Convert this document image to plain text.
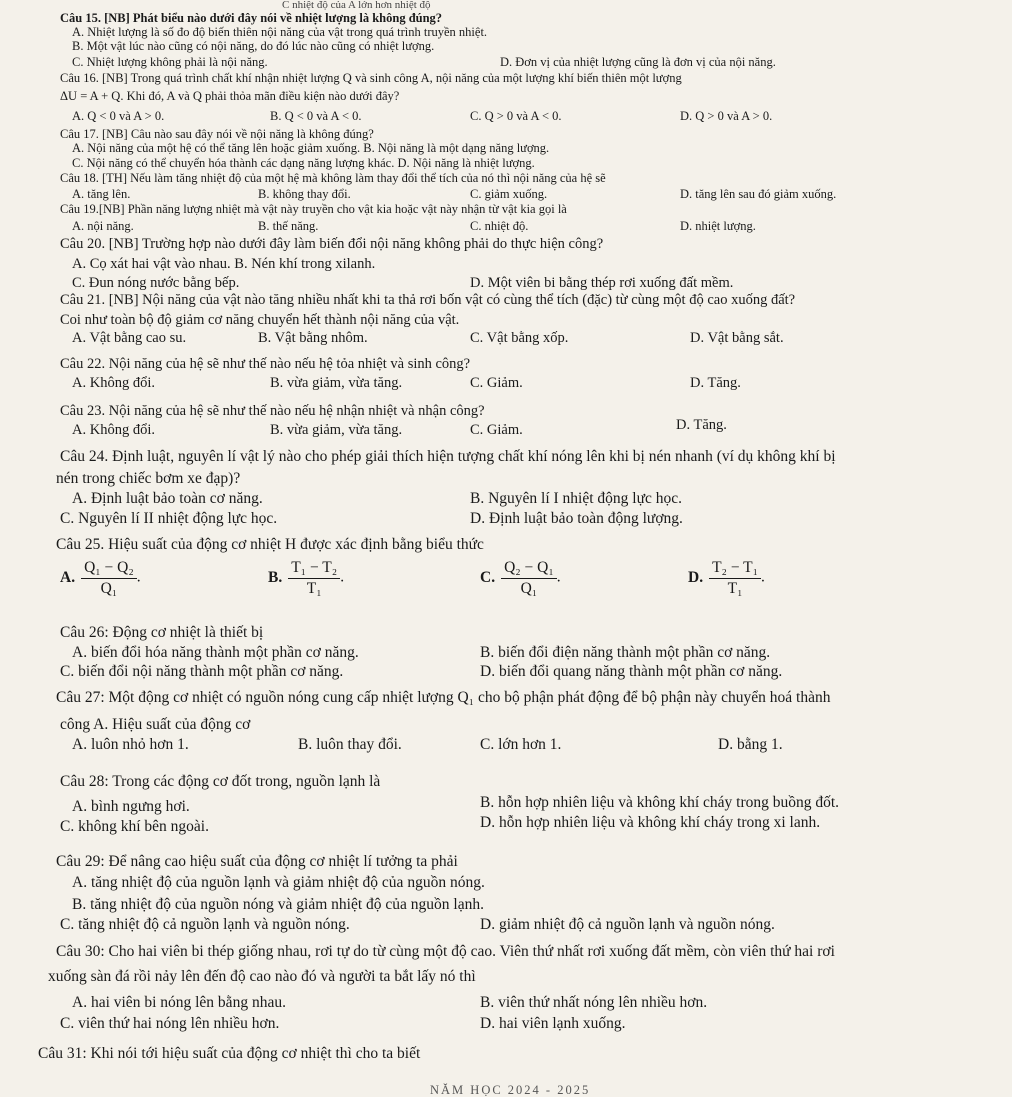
C nhiệt độ của A lớn hơn nhiệt độ
Câu 15. [NB] Phát biểu nào dưới đây nói về nhiệt lượng là không đúng?
A. Nhiệt lượng là số đo độ biến thiên nội năng của vật trong quá trình truyền nhiệt.
B. Một vật lúc nào cũng có nội năng, do đó lúc nào cũng có nhiệt lượng.
C. Nhiệt lượng không phải là nội năng.	D. Đơn vị của nhiệt lượng cũng là đơn vị của nội năng.
Câu 16. [NB] Trong quá trình chất khí nhận nhiệt lượng Q và sinh công A, nội năng của một lượng khí biến thiên một lượng
ΔU = A + Q. Khi đó, A và Q phải thỏa mãn điều kiện nào dưới đây?
A. Q < 0 và A > 0.	B. Q < 0 và A < 0.	C. Q > 0 và A < 0.	D. Q > 0 và A > 0.
Câu 17. [NB] Câu nào sau đây nói về nội năng là không đúng?
A. Nội năng của một hệ có thể tăng lên hoặc giảm xuống. B. Nội năng là một dạng năng lượng.
C. Nội năng có thể chuyển hóa thành các dạng năng lượng khác. D. Nội năng là nhiệt lượng.
Câu 18. [TH] Nếu làm tăng nhiệt độ của một hệ mà không làm thay đổi thể tích của nó thì nội năng của hệ sẽ
A. tăng lên.	B. không thay đổi.	C. giảm xuống.	D. tăng lên sau đó giảm xuống.
Câu 19.[NB] Phần năng lượng nhiệt mà vật này truyền cho vật kia hoặc vật này nhận từ vật kia gọi là
A. nội năng.	B. thế năng.	C. nhiệt độ.	D. nhiệt lượng.
Câu 20. [NB] Trường hợp nào dưới đây làm biến đổi nội năng không phải do thực hiện công?
A. Cọ xát hai vật vào nhau. B. Nén khí trong xilanh.
C. Đun nóng nước bằng bếp.	D. Một viên bi bằng thép rơi xuống đất mềm.
Câu 21. [NB] Nội năng của vật nào tăng nhiều nhất khi ta thả rơi bốn vật có cùng thể tích (đặc) từ cùng một độ cao xuống đất?
Coi như toàn bộ độ giảm cơ năng chuyển hết thành nội năng của vật.
A. Vật bằng cao su.	B. Vật bằng nhôm.	C. Vật bằng xốp.	D. Vật bằng sắt.
Câu 22. Nội năng của hệ sẽ như thế nào nếu hệ tỏa nhiệt và sinh công?
A. Không đổi.	B. vừa giảm, vừa tăng.	C. Giảm.	D. Tăng.
Câu 23. Nội năng của hệ sẽ như thế nào nếu hệ nhận nhiệt và nhận công?
A. Không đổi.	B. vừa giảm, vừa tăng.	C. Giảm.	D. Tăng.
Câu 24. Định luật, nguyên lí vật lý nào cho phép giải thích hiện tượng chất khí nóng lên khi bị nén nhanh (ví dụ không khí bị
nén trong chiếc bơm xe đạp)?
A. Định luật bảo toàn cơ năng.	B. Nguyên lí I nhiệt động lực học.
C. Nguyên lí II nhiệt động lực học.	D. Định luật bảo toàn động lượng.
Câu 25. Hiệu suất của động cơ nhiệt H được xác định bằng biểu thức
A. $\frac{\text{Q₁ − Q₂}}{\text{Q₁}}$ .	B. $\frac{\text{T₁ − T₂}}{\text{T₁}}$ .	C. $\frac{\text{Q₂ − Q₁}}{\text{Q₁}}$ .	D. $\frac{\text{T₂ − T₁}}{\text{T₁}}$ .
Câu 26: Động cơ nhiệt là thiết bị
A. biến đổi hóa năng thành một phần cơ năng.	B. biến đổi điện năng thành một phần cơ năng.
C. biến đổi nội năng thành một phần cơ năng.	D. biến đổi quang năng thành một phần cơ năng.
Câu 27: Một động cơ nhiệt có nguồn nóng cung cấp nhiệt lượng Q₁ cho bộ phận phát động để bộ phận này chuyển hoá thành
công A. Hiệu suất của động cơ
A. luôn nhỏ hơn 1.	B. luôn thay đổi.	C. lớn hơn 1.	D. bằng 1.
Câu 28: Trong các động cơ đốt trong, nguồn lạnh là
A. bình ngưng hơi.	B. hỗn hợp nhiên liệu và không khí cháy trong buồng đốt.
C. không khí bên ngoài.	D. hỗn hợp nhiên liệu và không khí cháy trong xi lanh.
Câu 29: Để nâng cao hiệu suất của động cơ nhiệt lí tưởng ta phải
A. tăng nhiệt độ của nguồn lạnh và giảm nhiệt độ của nguồn nóng.
B. tăng nhiệt độ của nguồn nóng và giảm nhiệt độ của nguồn lạnh.
C. tăng nhiệt độ cả nguồn lạnh và nguồn nóng.	D. giảm nhiệt độ cả nguồn lạnh và nguồn nóng.
Câu 30: Cho hai viên bi thép giống nhau, rơi tự do từ cùng một độ cao. Viên thứ nhất rơi xuống đất mềm, còn viên thứ hai rơi
xuống sàn đá rồi nảy lên đến độ cao nào đó và người ta bắt lấy nó thì
A. hai viên bi nóng lên bằng nhau.	B. viên thứ nhất nóng lên nhiều hơn.
C. viên thứ hai nóng lên nhiều hơn.	D. hai viên lạnh xuống.
Câu 31: Khi nói tới hiệu suất của động cơ nhiệt thì cho ta biết
NĂM HỌC 2024 - 2025
